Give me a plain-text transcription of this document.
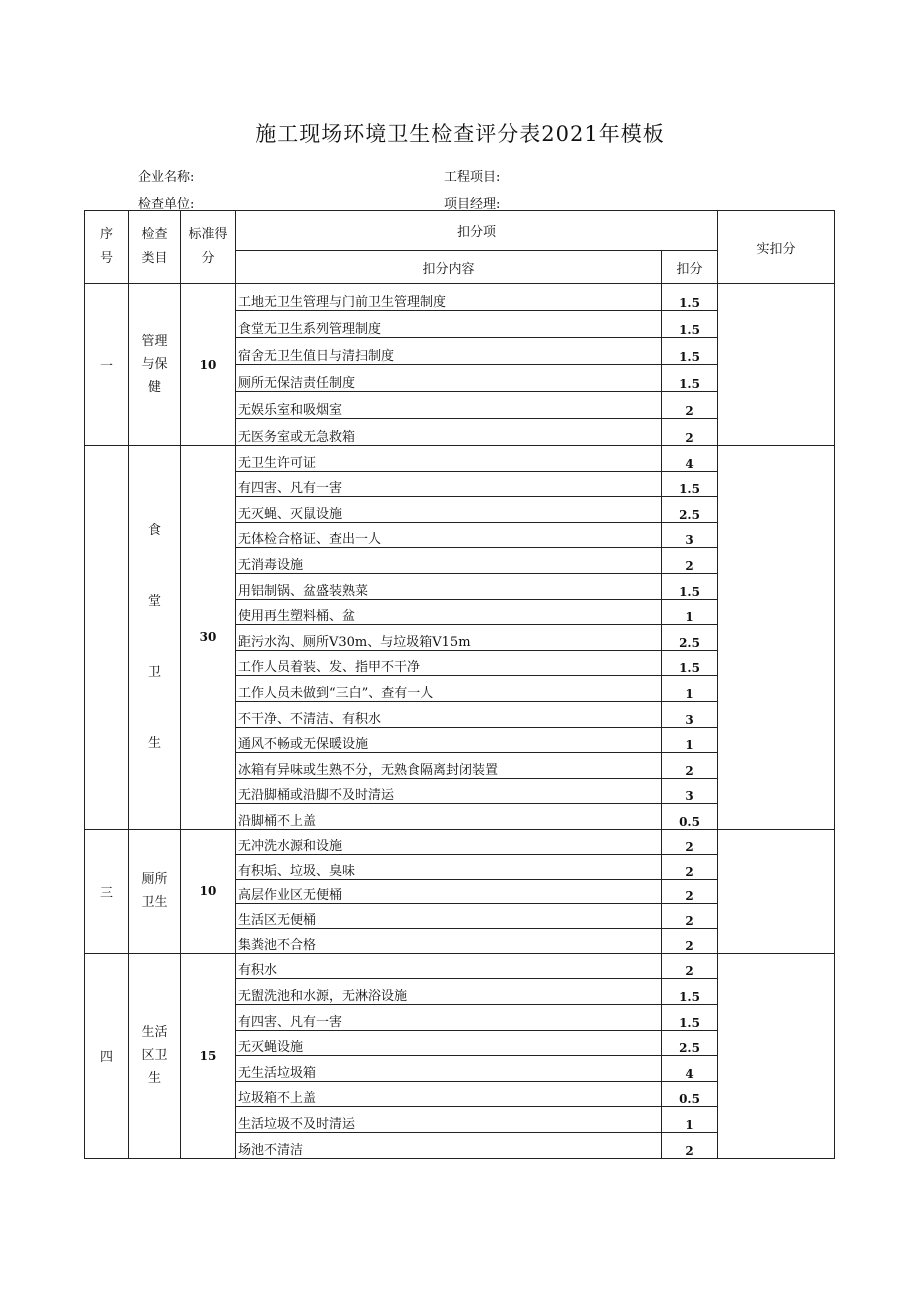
施工现场环境卫生检查评分表2021年模板
企业名称:	工程项目:
检查单位:	项目经理:
序号	检查类目	标准得分	扣分项		实扣分
			扣分内容	扣分	
一	管理与保健	10	工地无卫生管理与门前卫生管理制度	1.5	
			食堂无卫生系列管理制度	1.5	
			宿舍无卫生值日与清扫制度	1.5	
			厕所无保洁责任制度	1.5	
			无娱乐室和吸烟室	2	
			无医务室或无急救箱	2	

	食堂卫生	30	无卫生许可证	4	
			有四害、凡有一害	1.5	
			无灭蝇、灭鼠设施	2.5	
			无体检合格证、查出一人	3	
			无消毒设施	2	
			用铝制锅、盆盛装熟菜	1.5	
			使用再生塑料桶、盆	1	
			距污水沟、厕所V30m、与垃圾箱V15m	2.5	
			工作人员着装、发、指甲不干净	1.5	
			工作人员未做到“三白”、查有一人	1	
			不干净、不清洁、有积水	3	
			通风不畅或无保暖设施	1	
			冰箱有异味或生熟不分，无熟食隔离封闭装置	2	
			无沿脚桶或沿脚不及时清运	3	
			沿脚桶不上盖	0.5	
三	厕所卫生	10	无冲洗水源和设施	2	
			有积垢、垃圾、臭味	2	
			高层作业区无便桶	2	
			生活区无便桶	2	
			集粪池不合格	2	
四	生活区卫生	15	有积水	2	
			无盥洗池和水源，无淋浴设施	1.5	
			有四害、凡有一害	1.5	
			无灭蝇设施	2.5	
			无生活垃圾箱	4	
			垃圾箱不上盖	0.5	
			生活垃圾不及时清运	1	
			场池不清洁	2	
